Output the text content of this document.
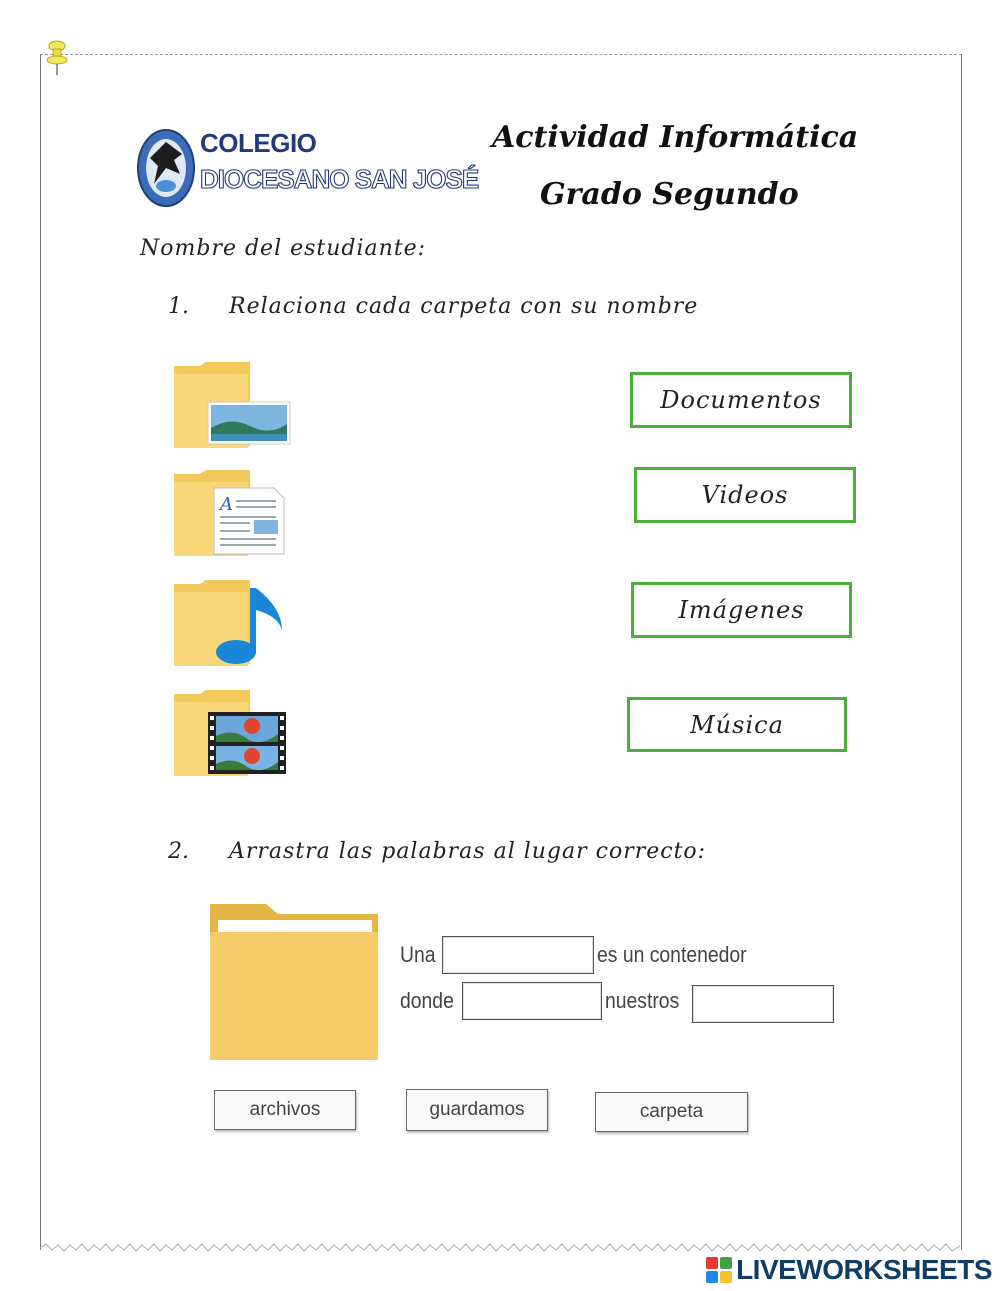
COLEGIO
DIOCESANO SAN JOSÉ
Actividad Informática
Grado Segundo
Nombre del estudiante:
1. Relaciona cada carpeta con su nombre
A
Documentos
Videos
Imágenes
Música
2. Arrastra las palabras al lugar correcto:
Una	es un contenedor
donde	nuestros
archivos	guardamos	carpeta
LIVEWORKSHEETS
